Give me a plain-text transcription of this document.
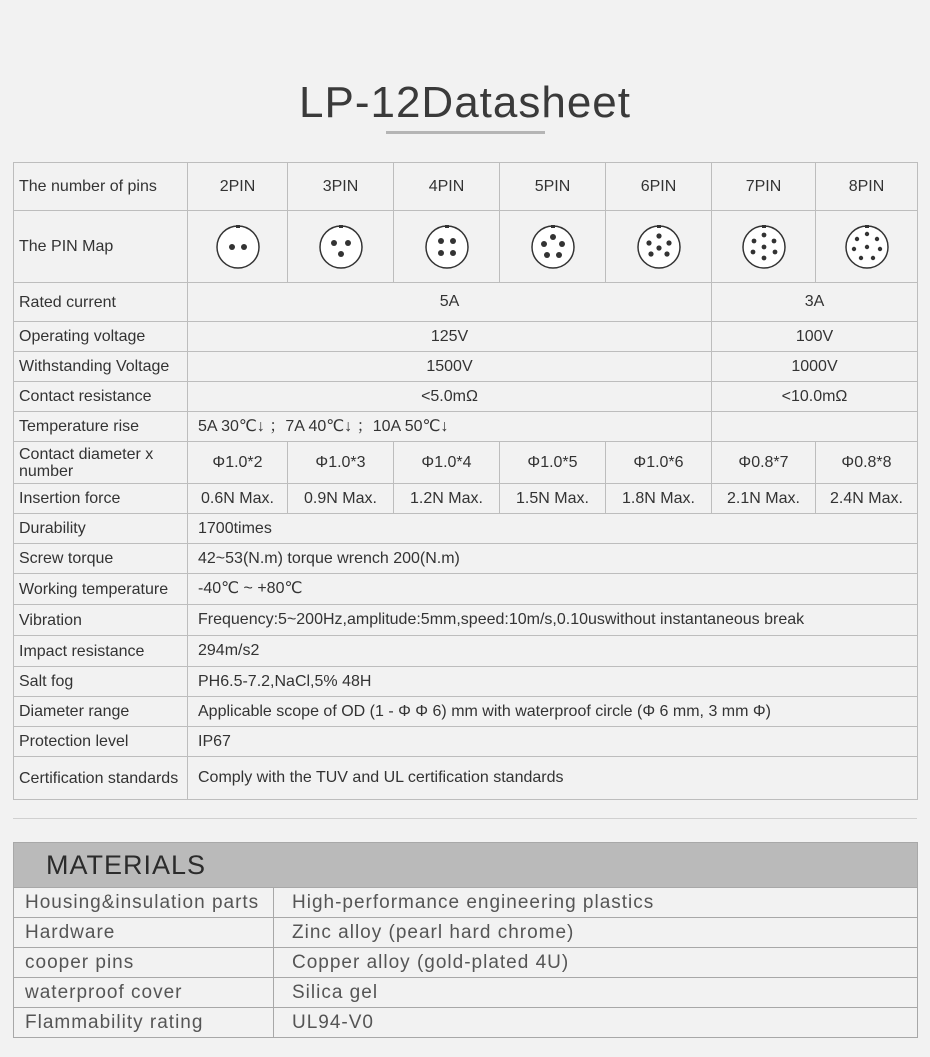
LP-12Datasheet
The number of pins	2PIN	3PIN	4PIN	5PIN	6PIN	7PIN	8PIN
The PIN Map	

Rated current	5A					3A	
Operating voltage	125V					100V	
Withstanding Voltage	1500V					1000V	
Contact resistance	<5.0mΩ					<10.0mΩ	
Temperature rise	5A 30℃↓ ；7A 40℃↓ ；10A 50℃↓						
Contact diameter x number	Φ1.0*2	Φ1.0*3	Φ1.0*4	Φ1.0*5	Φ1.0*6	Φ0.8*7	Φ0.8*8
Insertion force	0.6N Max.	0.9N Max.	1.2N Max.	1.5N Max.	1.8N Max.	2.1N Max.	2.4N Max.
Durability	1700times						
Screw torque	42~53(N.m) torque wrench 200(N.m)						
Working temperature	-40℃ ~ +80℃						
Vibration	Frequency:5~200Hz,amplitude:5mm,speed:10m/s,0.10uswithout instantaneous break						
Impact resistance	294m/s2						
Salt fog	PH6.5-7.2,NaCl,5% 48H						
Diameter range	Applicable scope of OD (1 - Φ Φ 6) mm with waterproof circle (Φ 6 mm, 3 mm Φ)						
Protection level	IP67						
Certification standards	Comply with the TUV and UL certification standards						
MATERIALS	
Housing&insulation parts	High-performance engineering plastics
Hardware	Zinc alloy (pearl hard chrome)
cooper pins	Copper alloy (gold-plated 4U)
waterproof cover	Silica gel
Flammability rating	UL94-V0
